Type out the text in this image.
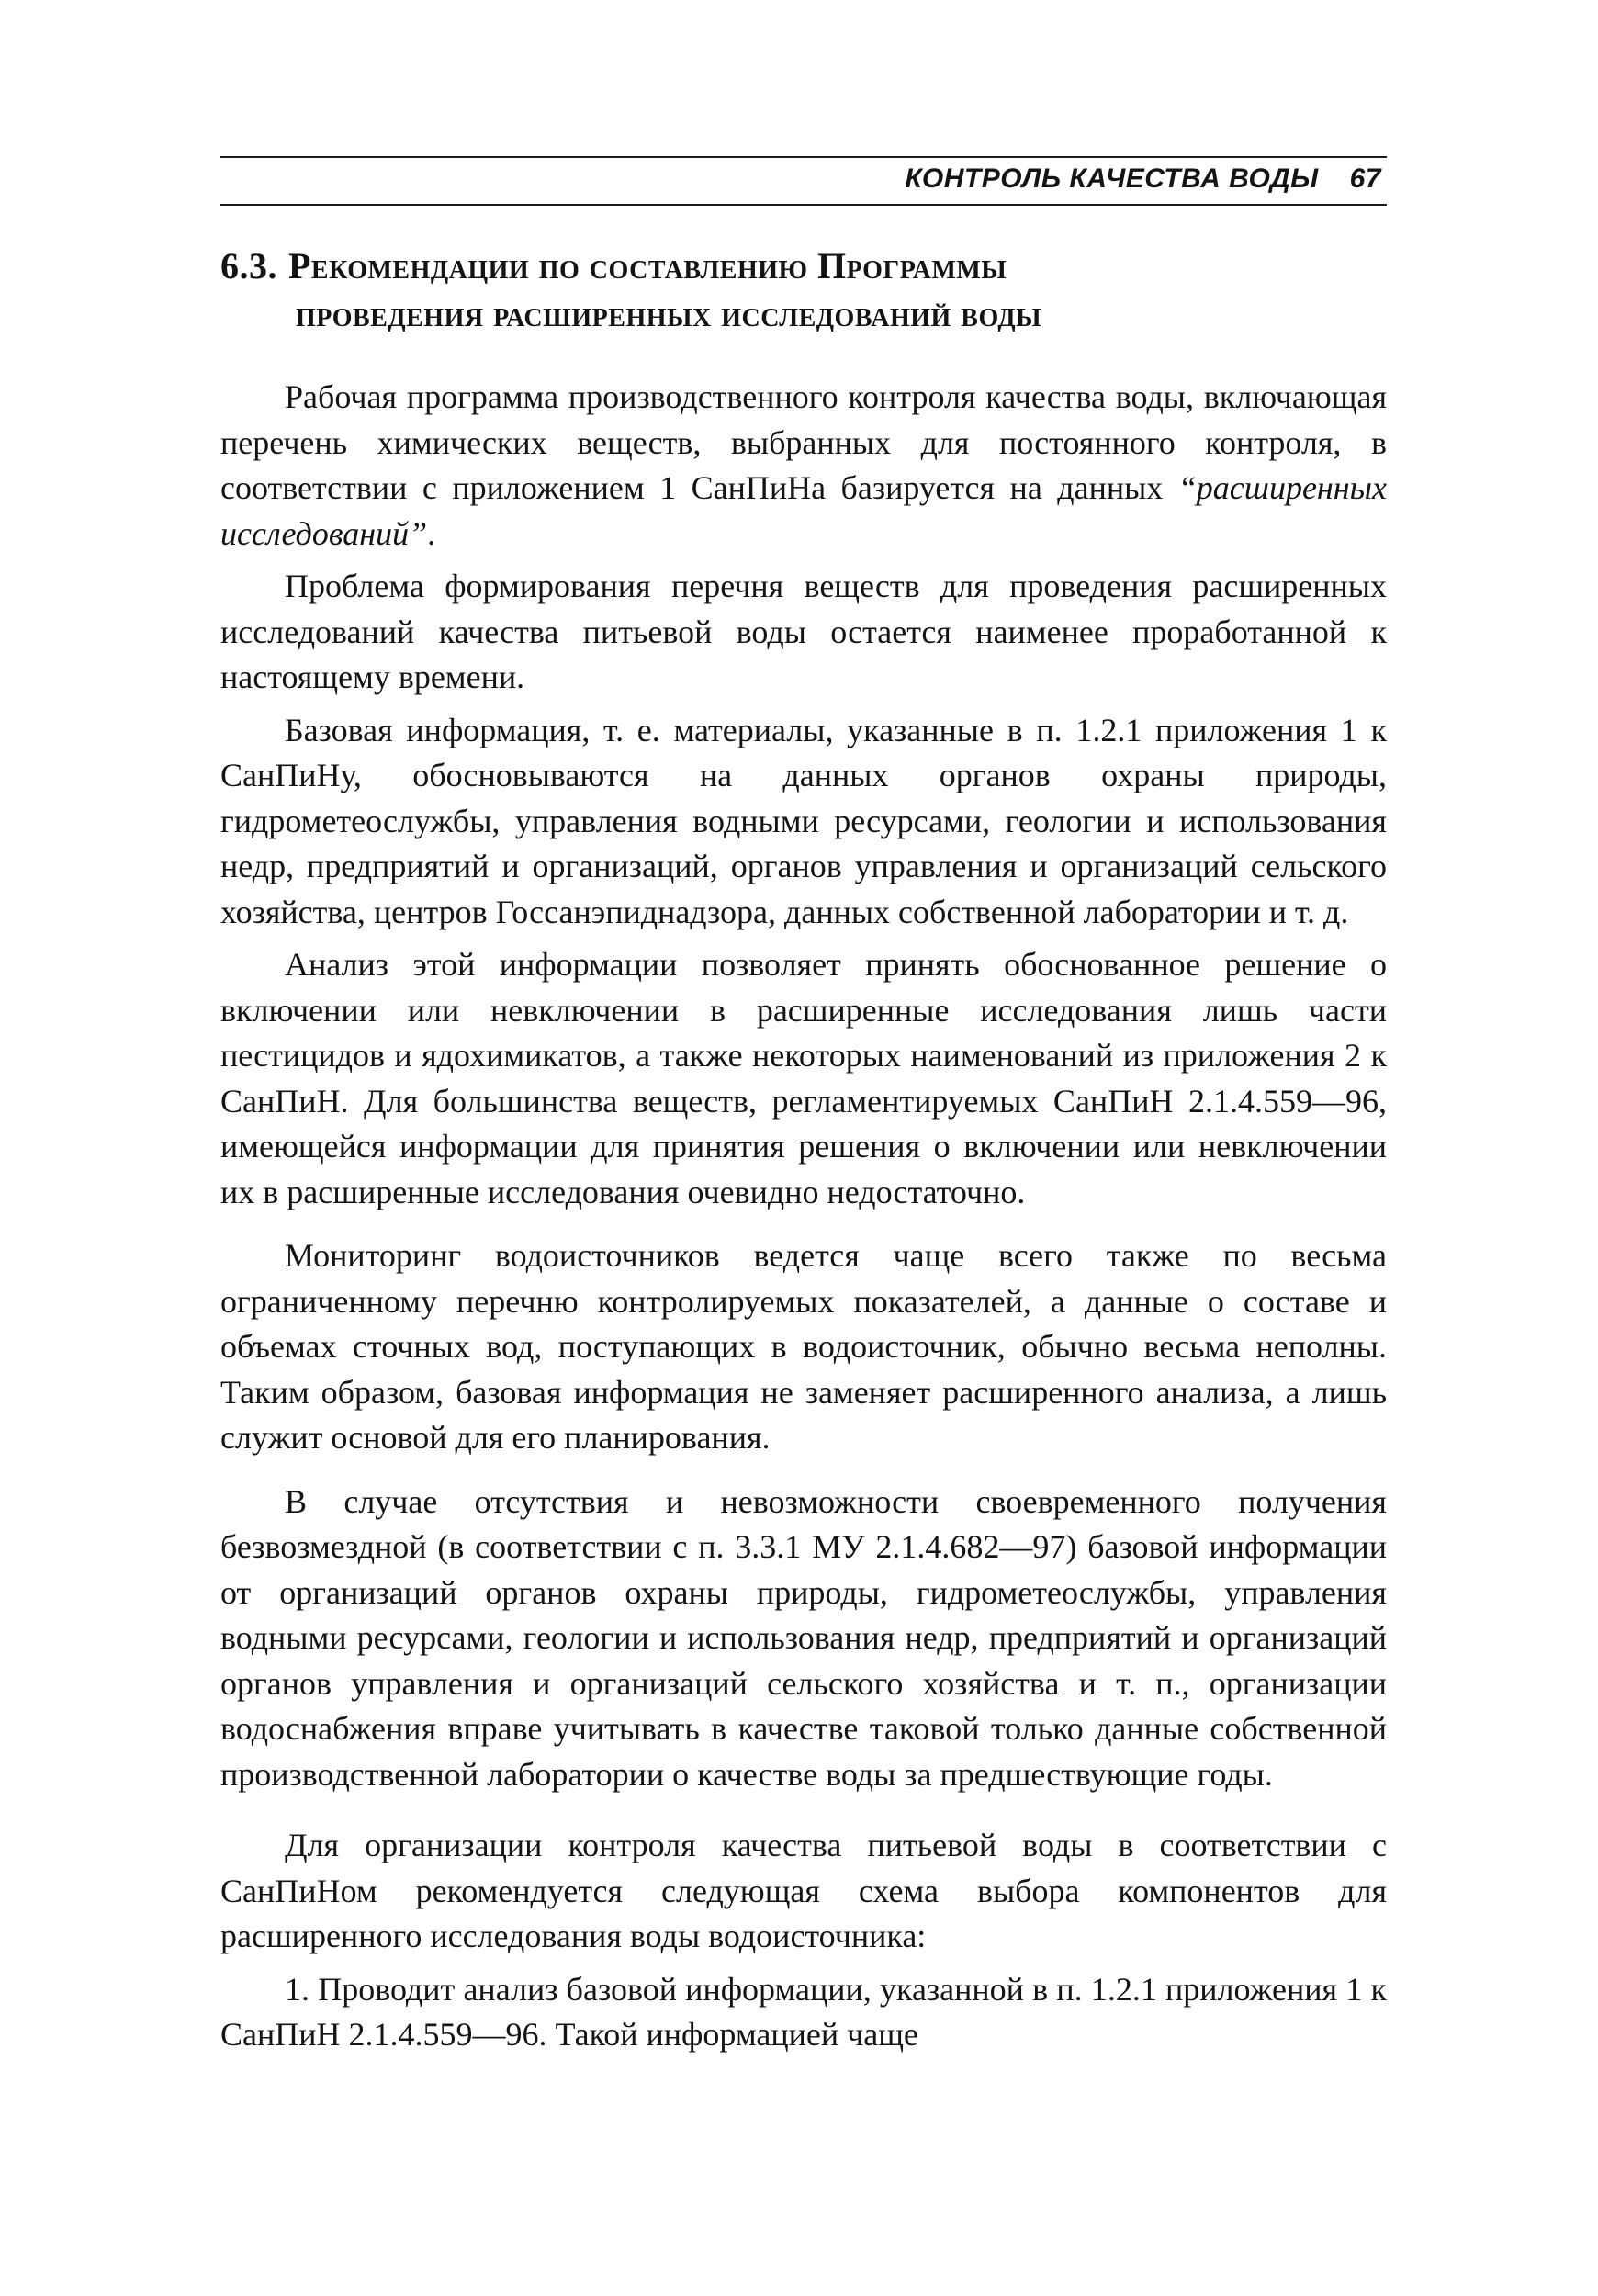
КОНТРОЛЬ КАЧЕСТВА ВОДЫ 67
6.3. Рекомендации по составлению Программы
проведения расширенных исследований воды

Рабочая программа производственного контроля качества воды, включающая перечень химических веществ, выбранных для постоянного контроля, в соответствии с приложением 1 СанПиНа базируется на данных “расширенных исследований”.

Проблема формирования перечня веществ для проведения расширенных исследований качества питьевой воды остается наименее проработанной к настоящему времени.

Базовая информация, т. е. материалы, указанные в п. 1.2.1 приложения 1 к СанПиНу, обосновываются на данных органов охраны природы, гидрометеослужбы, управления водными ресурсами, геологии и использования недр, предприятий и организаций, органов управления и организаций сельского хозяйства, центров Госсанэпиднадзора, данных собственной лаборатории и т. д.

Анализ этой информации позволяет принять обоснованное решение о включении или невключении в расширенные исследования лишь части пестицидов и ядохимикатов, а также некоторых наименований из приложения 2 к СанПиН. Для большинства веществ, регламентируемых СанПиН 2.1.4.559—96, имеющейся информации для принятия решения о включении или невключении их в расширенные исследования очевидно недостаточно.

Мониторинг водоисточников ведется чаще всего также по весьма ограниченному перечню контролируемых показателей, а данные о составе и объемах сточных вод, поступающих в водоисточник, обычно весьма неполны. Таким образом, базовая информация не заменяет расширенного анализа, а лишь служит основой для его планирования.

В случае отсутствия и невозможности своевременного получения безвозмездной (в соответствии с п. 3.3.1 МУ 2.1.4.682—97) базовой информации от организаций органов охраны природы, гидрометеослужбы, управления водными ресурсами, геологии и использования недр, предприятий и организаций органов управления и организаций сельского хозяйства и т. п., организации водоснабжения вправе учитывать в качестве таковой только данные собственной производственной лаборатории о качестве воды за предшествующие годы.

Для организации контроля качества питьевой воды в соответствии с СанПиНом рекомендуется следующая схема выбора компонентов для расширенного исследования воды водоисточника:

1. Проводит анализ базовой информации, указанной в п. 1.2.1 приложения 1 к СанПиН 2.1.4.559—96. Такой информацией чаще
